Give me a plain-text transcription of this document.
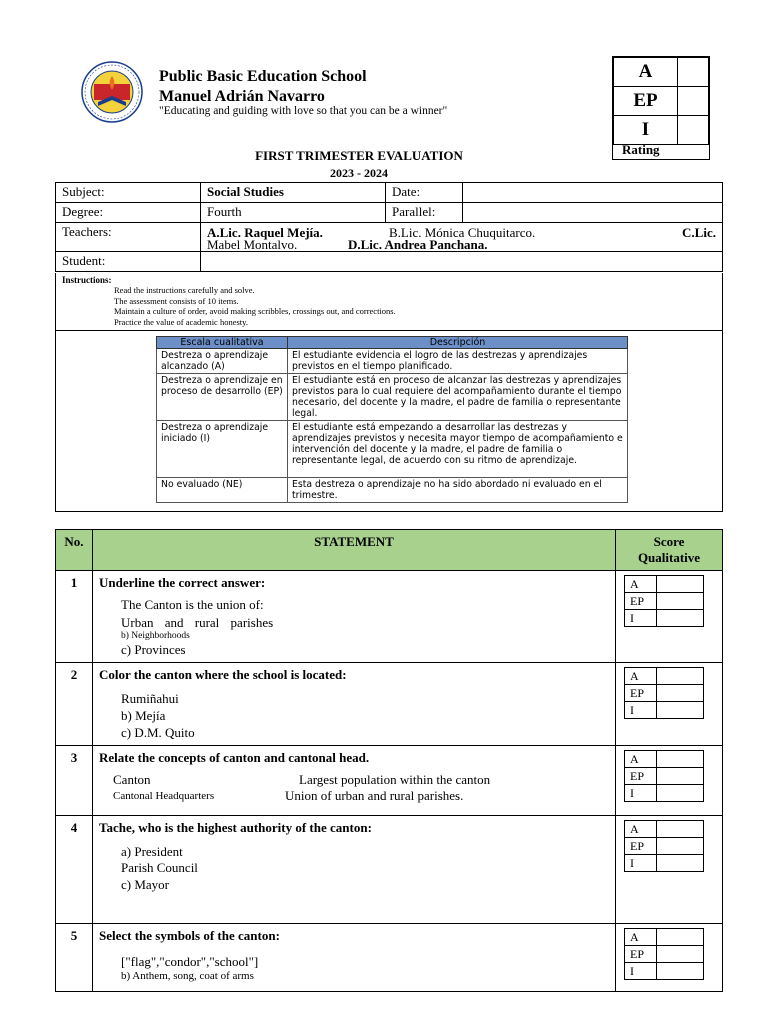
Public Basic Education School
Manuel Adrián Navarro
"Educating and guiding with love so that you can be a winner"
A	
EP	
I	
Rating
FIRST TRIMESTER EVALUATION
2023 - 2024
Subject:	Social Studies	Date:	
Degree:	Fourth	Parallel:	
Teachers:	A.Lic. Raquel Mejía. B.Lic. Mónica Chuquitarco. C.Lic.
Mabel Montalvo. D.Lic. Andrea Panchana.		

Student:			
Instructions:
Read the instructions carefully and solve.
The assessment consists of 10 items.
Maintain a culture of order, avoid making scribbles, crossings out, and corrections.
Practice the value of academic honesty.
Escala cualitativa	Descripción
Destreza o aprendizaje alcanzado (A)	El estudiante evidencia el logro de las destrezas y aprendizajes previstos en el tiempo planificado.
Destreza o aprendizaje en proceso de desarrollo (EP)	El estudiante está en proceso de alcanzar las destrezas y aprendizajes previstos para lo cual requiere del acompañamiento durante el tiempo necesario, del docente y la madre, el padre de familia o representante legal.
Destreza o aprendizaje iniciado (I)	El estudiante está empezando a desarrollar las destrezas y aprendizajes previstos y necesita mayor tiempo de acompañamiento e intervención del docente y la madre, el padre de familia o representante legal, de acuerdo con su ritmo de aprendizaje.
No evaluado (NE)	Esta destreza o aprendizaje no ha sido abordado ni evaluado en el trimestre.
No.	STATEMENT	Score
Qualitative

1	Underline the correct answer:
The Canton is the union of:
Urban and rural parishes
b) Neighborhoods
c) Provinces

A	
EP	
I	

2	Color the canton where the school is located:
Rumiñahui
b) Mejía
c) D.M. Quito

A	
EP	
I	

3	Relate the concepts of canton and cantonal head.
Canton	Largest population within the canton
Cantonal Headquarters	Union of urban and rural parishes.

A	
EP	
I	

4	Tache, who is the highest authority of the canton:
a) President
Parish Council
c) Mayor

A	
EP	
I	

5	Select the symbols of the canton:
["flag","condor","school"]
b) Anthem, song, coat of arms

A	
EP	
I	
